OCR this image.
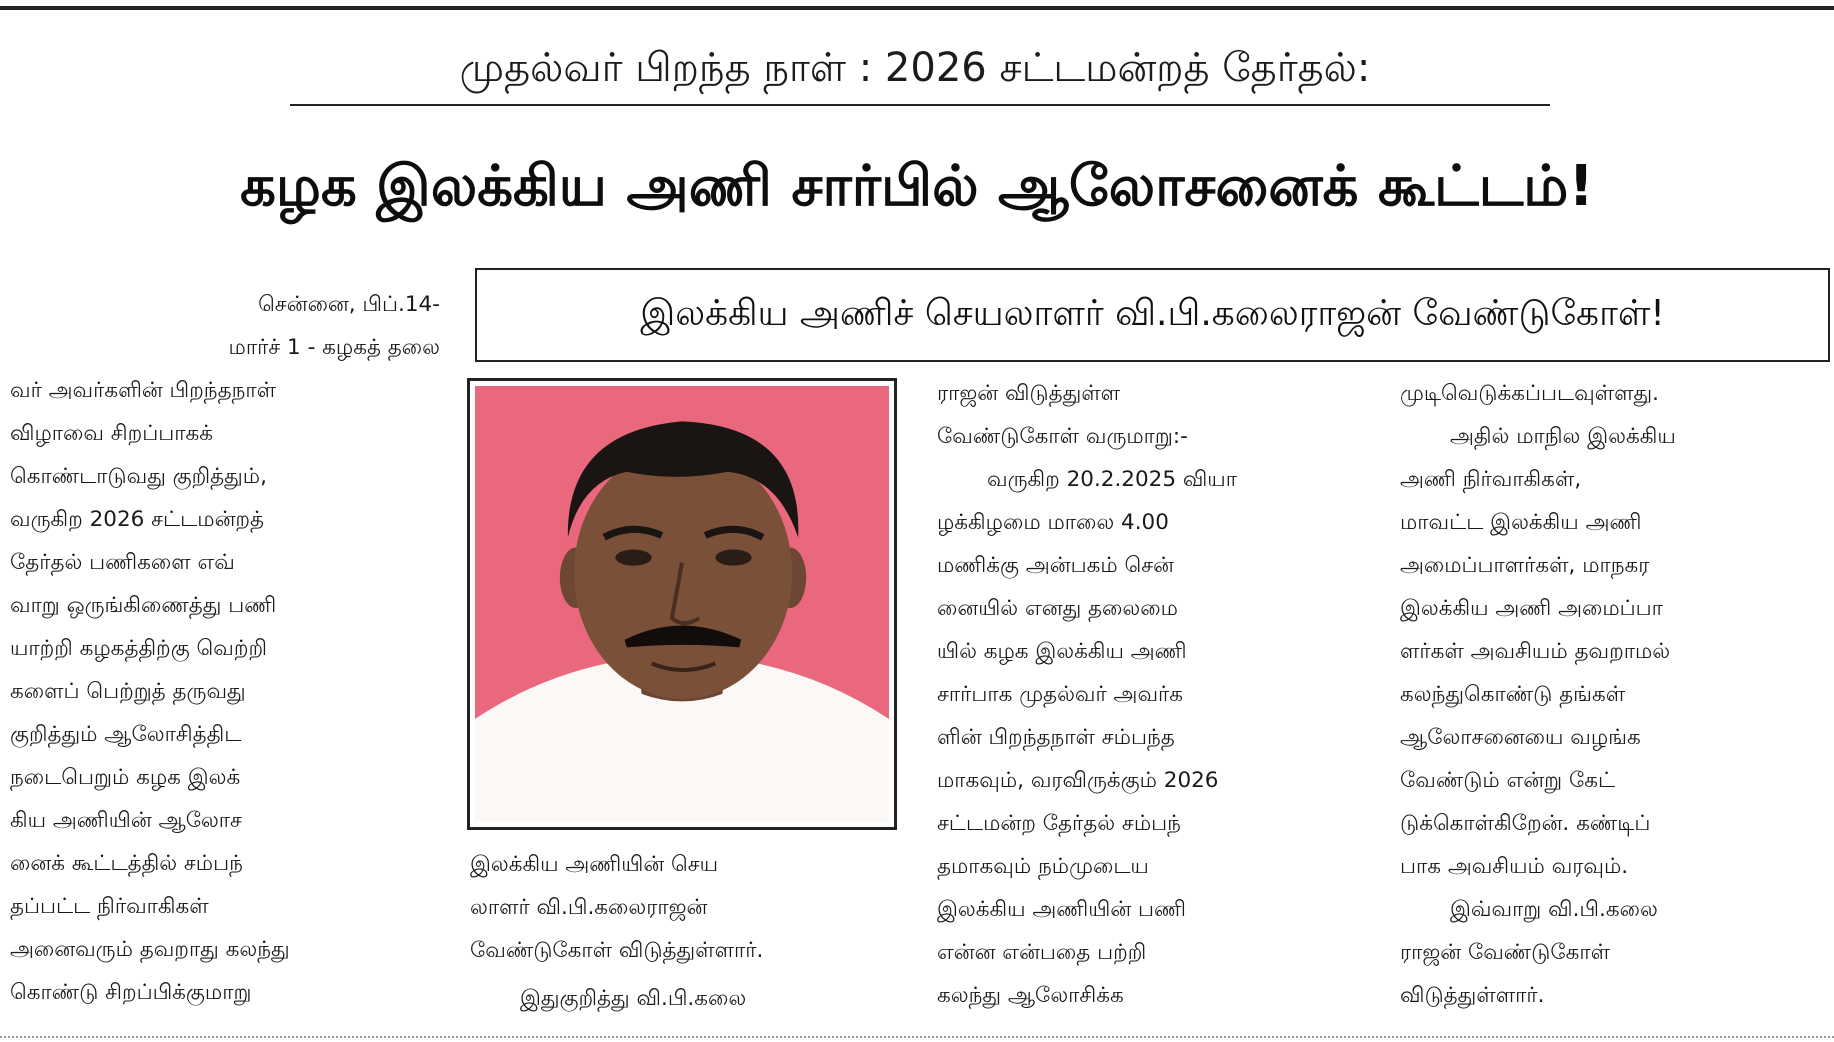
முதல்வர் பிறந்த நாள் : 2026 சட்டமன்றத் தேர்தல்:
கழக இலக்கிய அணி சார்பில் ஆலோசனைக் கூட்டம்!
இலக்கிய அணிச் செயலாளர் வி.பி.கலைராஜன் வேண்டுகோள்!
சென்னை, பிப்.14-
மார்ச் 1 - கழகத் தலை
வர் அவர்களின் பிறந்தநாள்
விழாவை சிறப்பாகக்
கொண்டாடுவது குறித்தும்,
வருகிற 2026 சட்டமன்றத்
தேர்தல் பணிகளை எவ்
வாறு ஒருங்கிணைத்து பணி
யாற்றி கழகத்திற்கு வெற்றி
களைப் பெற்றுத் தருவது
குறித்தும் ஆலோசித்திட
நடைபெறும் கழக இலக்
கிய அணியின் ஆலோச
னைக் கூட்டத்தில் சம்பந்
தப்பட்ட நிர்வாகிகள்
அனைவரும் தவறாது கலந்து
கொண்டு சிறப்பிக்குமாறு
இலக்கிய அணியின் செய
லாளர் வி.பி.கலைராஜன்
வேண்டுகோள் விடுத்துள்ளார்.
இதுகுறித்து வி.பி.கலை
ராஜன் விடுத்துள்ள
வேண்டுகோள் வருமாறு:-
வருகிற 20.2.2025 வியா
ழக்கிழமை மாலை 4.00
மணிக்கு அன்பகம் சென்
னையில் எனது தலைமை
யில் கழக இலக்கிய அணி
சார்பாக முதல்வர் அவர்க
ளின் பிறந்தநாள் சம்பந்த
மாகவும், வரவிருக்கும் 2026
சட்டமன்ற தேர்தல் சம்பந்
தமாகவும் நம்முடைய
இலக்கிய அணியின் பணி
என்ன என்பதை பற்றி
கலந்து ஆலோசிக்க
முடிவெடுக்கப்படவுள்ளது.
அதில் மாநில இலக்கிய
அணி நிர்வாகிகள்,
மாவட்ட இலக்கிய அணி
அமைப்பாளர்கள், மாநகர
இலக்கிய அணி அமைப்பா
ளர்கள் அவசியம் தவறாமல்
கலந்துகொண்டு தங்கள்
ஆலோசனையை வழங்க
வேண்டும் என்று கேட்
டுக்கொள்கிறேன். கண்டிப்
பாக அவசியம் வரவும்.
இவ்வாறு வி.பி.கலை
ராஜன் வேண்டுகோள்
விடுத்துள்ளார்.
